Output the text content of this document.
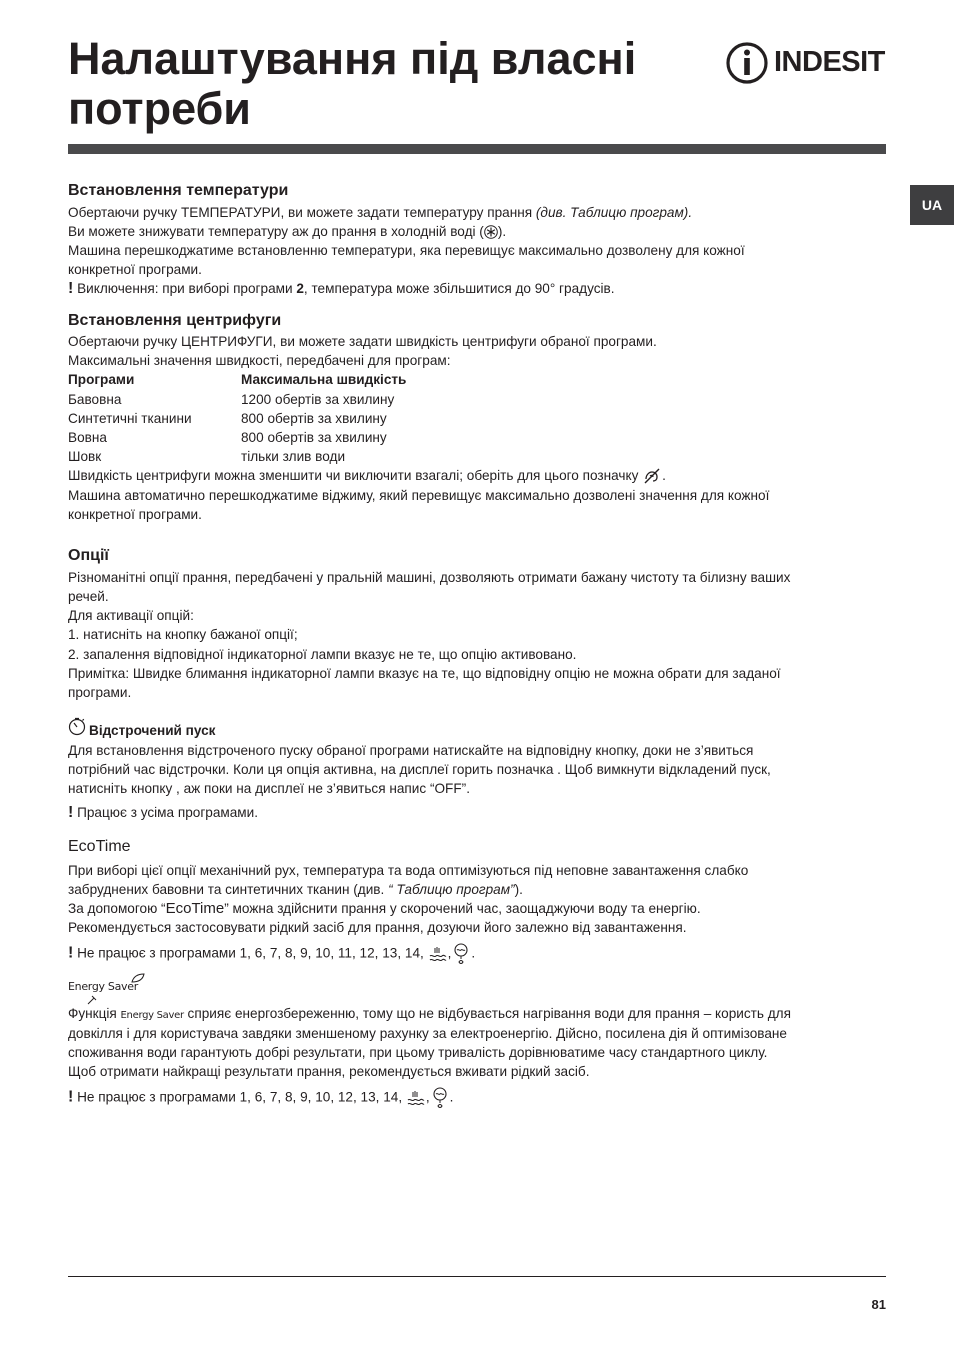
Налаштування під власні
потреби
INDESIT
UA
Встановлення температури
Обертаючи ручку ТЕМПЕРАТУРИ, ви можете задати температуру прання (див. Таблицю програм).
Ви можете знижувати температуру аж до прання в холодній воді ( ).
Машина перешкоджатиме встановленню температури, яка перевищує максимально дозволену для кожної
конкретної програми.
! Виключення: при виборі програми 2, температура може збільшитися до 90° градусів.
Встановлення центрифуги
Обертаючи ручку ЦЕНТРИФУГИ, ви можете задати швидкість центрифуги обраної програми.
Максимальні значення швидкості, передбачені для програм:
Програми	Максимальна швидкість
Бавовна	1200 обертів за хвилину
Синтетичні тканини	800 обертів за хвилину
Вовна	800 обертів за хвилину
Шовк	тільки злив води
Швидкість центрифуги можна зменшити чи виключити взагалі; оберіть для цього позначку .
Машина автоматично перешкоджатиме віджиму, який перевищує максимально дозволені значення для кожної
конкретної програми.
Опції
Різноманітні опції прання, передбачені у пральній машині, дозволяють отримати бажану чистоту та білизну ваших
речей.
Для активації опцій:
1. натисніть на кнопку бажаної опції;
2. запалення відповідної індикаторної лампи вказує не те, що опцію активовано.
Примітка: Швидке блимання індикаторної лампи вказує на те, що відповідну опцію не можна обрати для заданої
програми.
Відстрочений пуск
Для встановлення відстроченого пуску обраної програми натискайте на відповідну кнопку, доки не з’явиться
потрібний час відстрочки. Коли ця опція активна, на дисплеї горить позначка . Щоб вимкнути відкладений пуск,
натисніть кнопку , аж поки на дисплеї не з’явиться напис “OFF”.
! Працює з усіма програмами.
EcoTime
При виборі цієї опції механічний рух, температура та вода оптимізуються під неповне завантаження слабко
забруднених бавовни та синтетичних тканин (див. “ Таблицю програм”).
За допомогою “EcoTime” можна здійснити прання у скорочений час, заощаджуючи воду та енергію.
Рекомендується застосовувати рідкий засіб для прання, дозуючи його залежно від завантаження.
! Не працює з програмами 1, 6, 7, 8, 9, 10, 11, 12, 13, 14, , .
Energy Saver
Функція Energy Saver сприяє енергозбереженню, тому що не відбувається нагрівання води для прання – користь для
довкілля і для користувача завдяки зменшеному рахунку за електроенергію. Дійсно, посилена дія й оптимізоване
споживання води гарантують добрі результати, при цьому тривалість дорівнюватиме часу стандартного циклу.
Щоб отримати найкращі результати прання, рекомендується вживати рідкий засіб.
! Не працює з програмами 1, 6, 7, 8, 9, 10, 12, 13, 14, , .
81
